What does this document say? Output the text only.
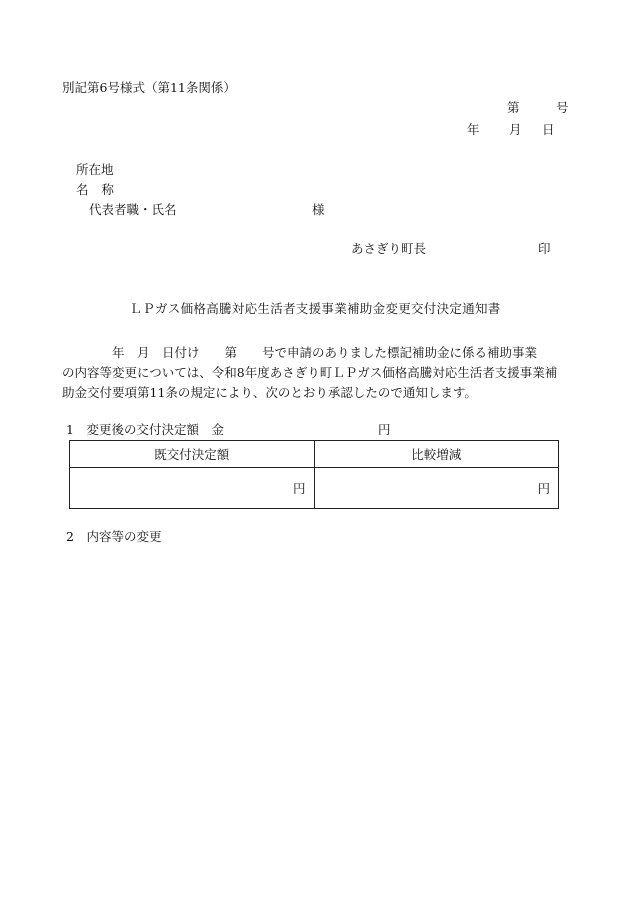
別記第6号様式（第11条関係）
第	号
年 月 日
所在地
名称
代表者職・氏名	様
あさぎり町長	印
ＬＰガス価格高騰対応生活者支援事業補助金変更交付決定通知書
　　　　年　月　日付け　　第　　号で申請のありました標記補助金に係る補助事業
の内容等変更については、令和8年度あさぎり町ＬＰガス価格高騰対応生活者支援事業補
助金交付要項第11条の規定により、次のとおり承認したので通知します。
1　変更後の交付決定額　金	円
既交付決定額	比較増減
円	円
2　内容等の変更
